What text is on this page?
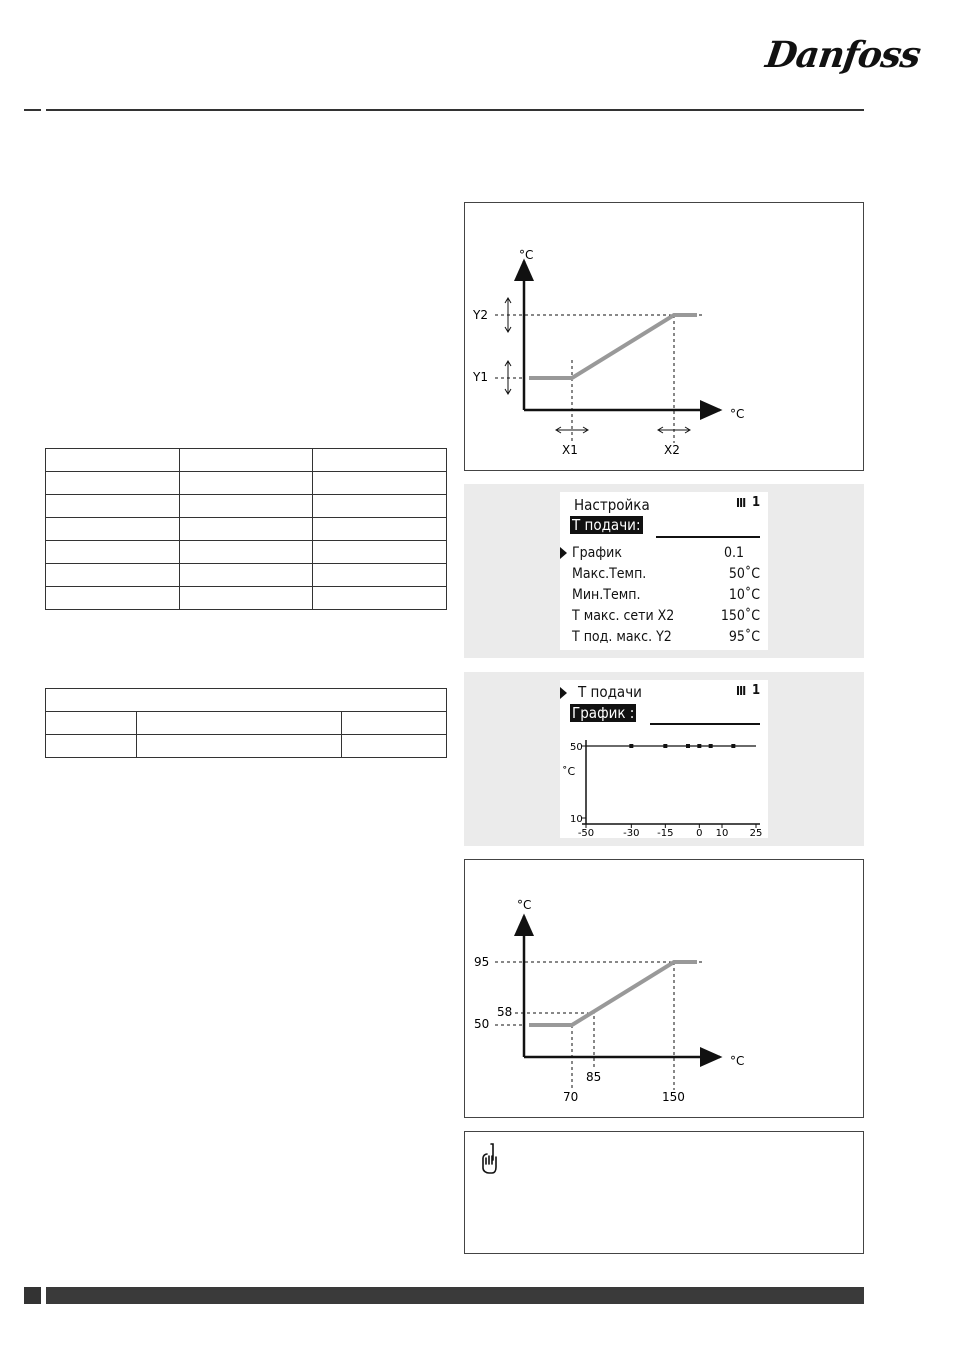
Danfoss

°C
°C
Y2
Y1
X1	X2
Настройка	Ⅲ 1
Т подачи:
График	0.1
Макс.Темп.	50˚C
Мин.Темп.	10˚C
Т макс. сети X2	150˚C
Т под. макс. Y2	95˚C
Т подачи	Ⅲ 1
График :
˚C
50
10
-50	-30 -15 0 10 25
°C
°C
95
58
50
85
70	150
